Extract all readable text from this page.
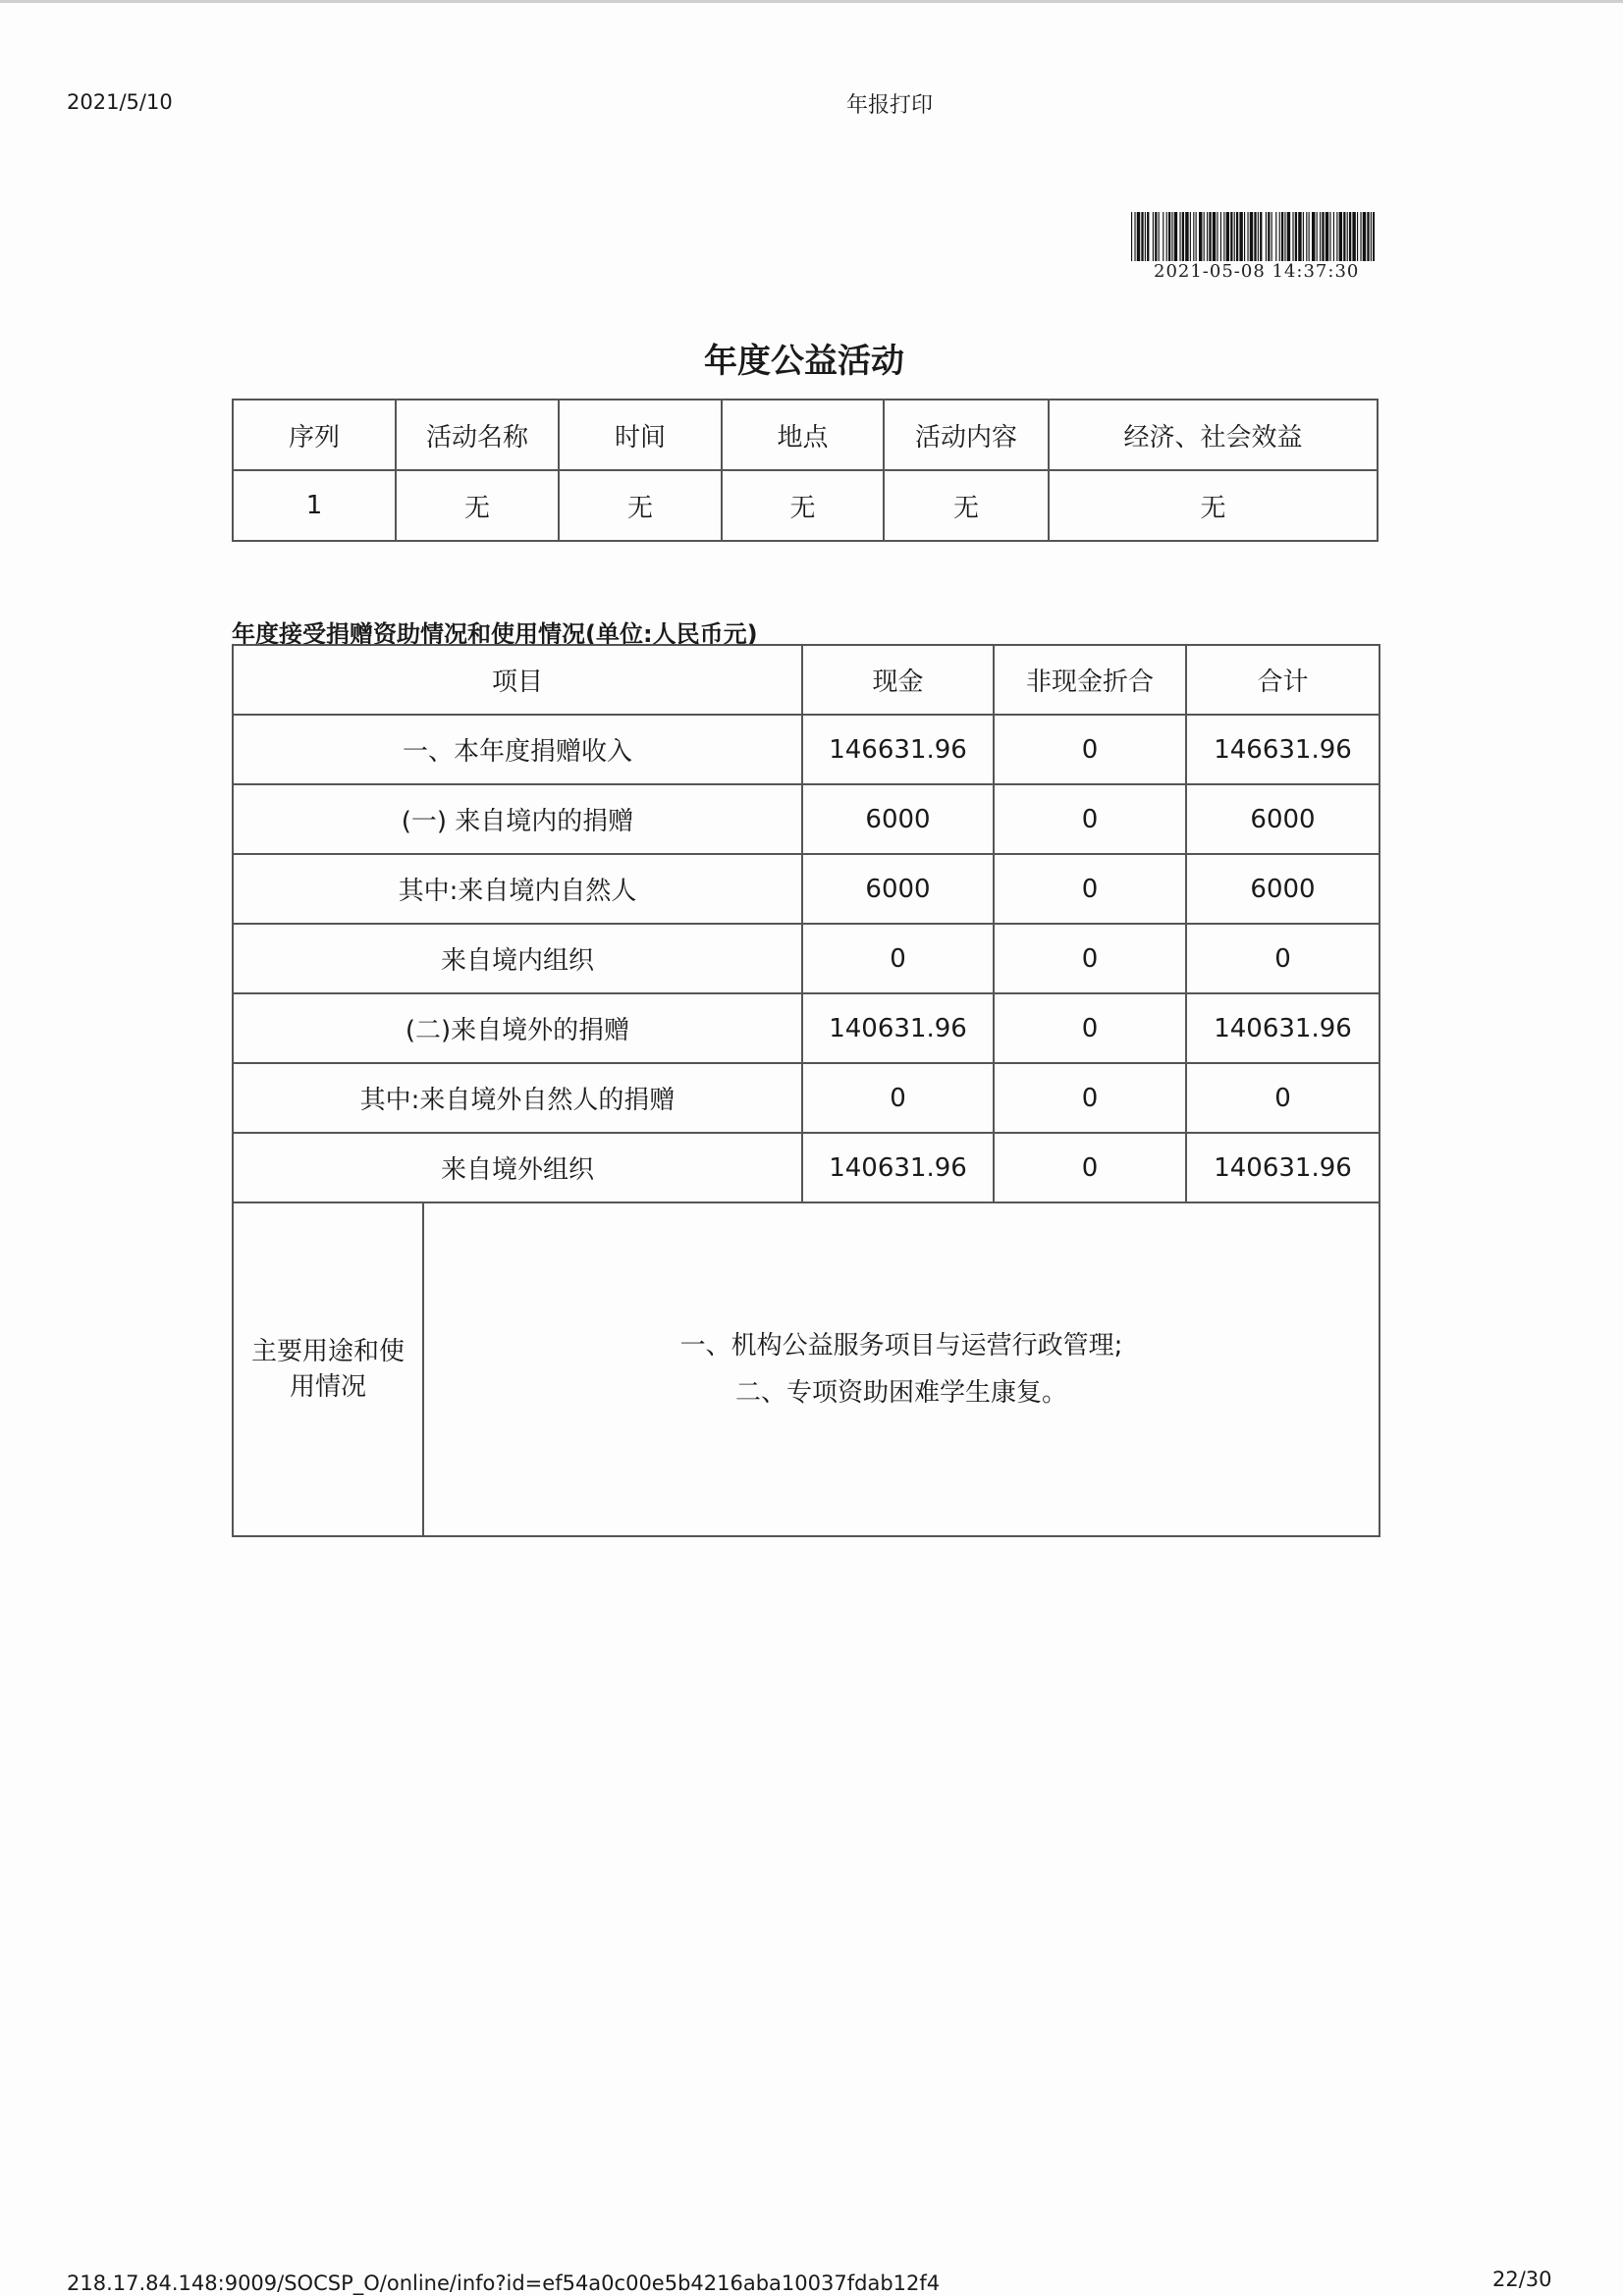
2021/5/10	年报打印
2021-05-08 14:37:30
年度公益活动
序列	活动名称	时间	地点	活动内容	经济、社会效益
1	无	无	无	无	无
年度接受捐赠资助情况和使用情况(单位:人民币元)
项目		现金	非现金折合	合计
一、本年度捐赠收入		146631.96	0	146631.96
(一) 来自境内的捐赠		6000	0	6000
其中:来自境内自然人		6000	0	6000
来自境内组织		0	0	0
(二)来自境外的捐赠		140631.96	0	140631.96
其中:来自境外自然人的捐赠		0	0	0
来自境外组织		140631.96	0	140631.96
主要用途和使用情况	一、机构公益服务项目与运营行政管理;
二、专项资助困难学生康复。			
218.17.84.148:9009/SOCSP_O/online/info?id=ef54a0c00e5b4216aba10037fdab12f4	22/30
